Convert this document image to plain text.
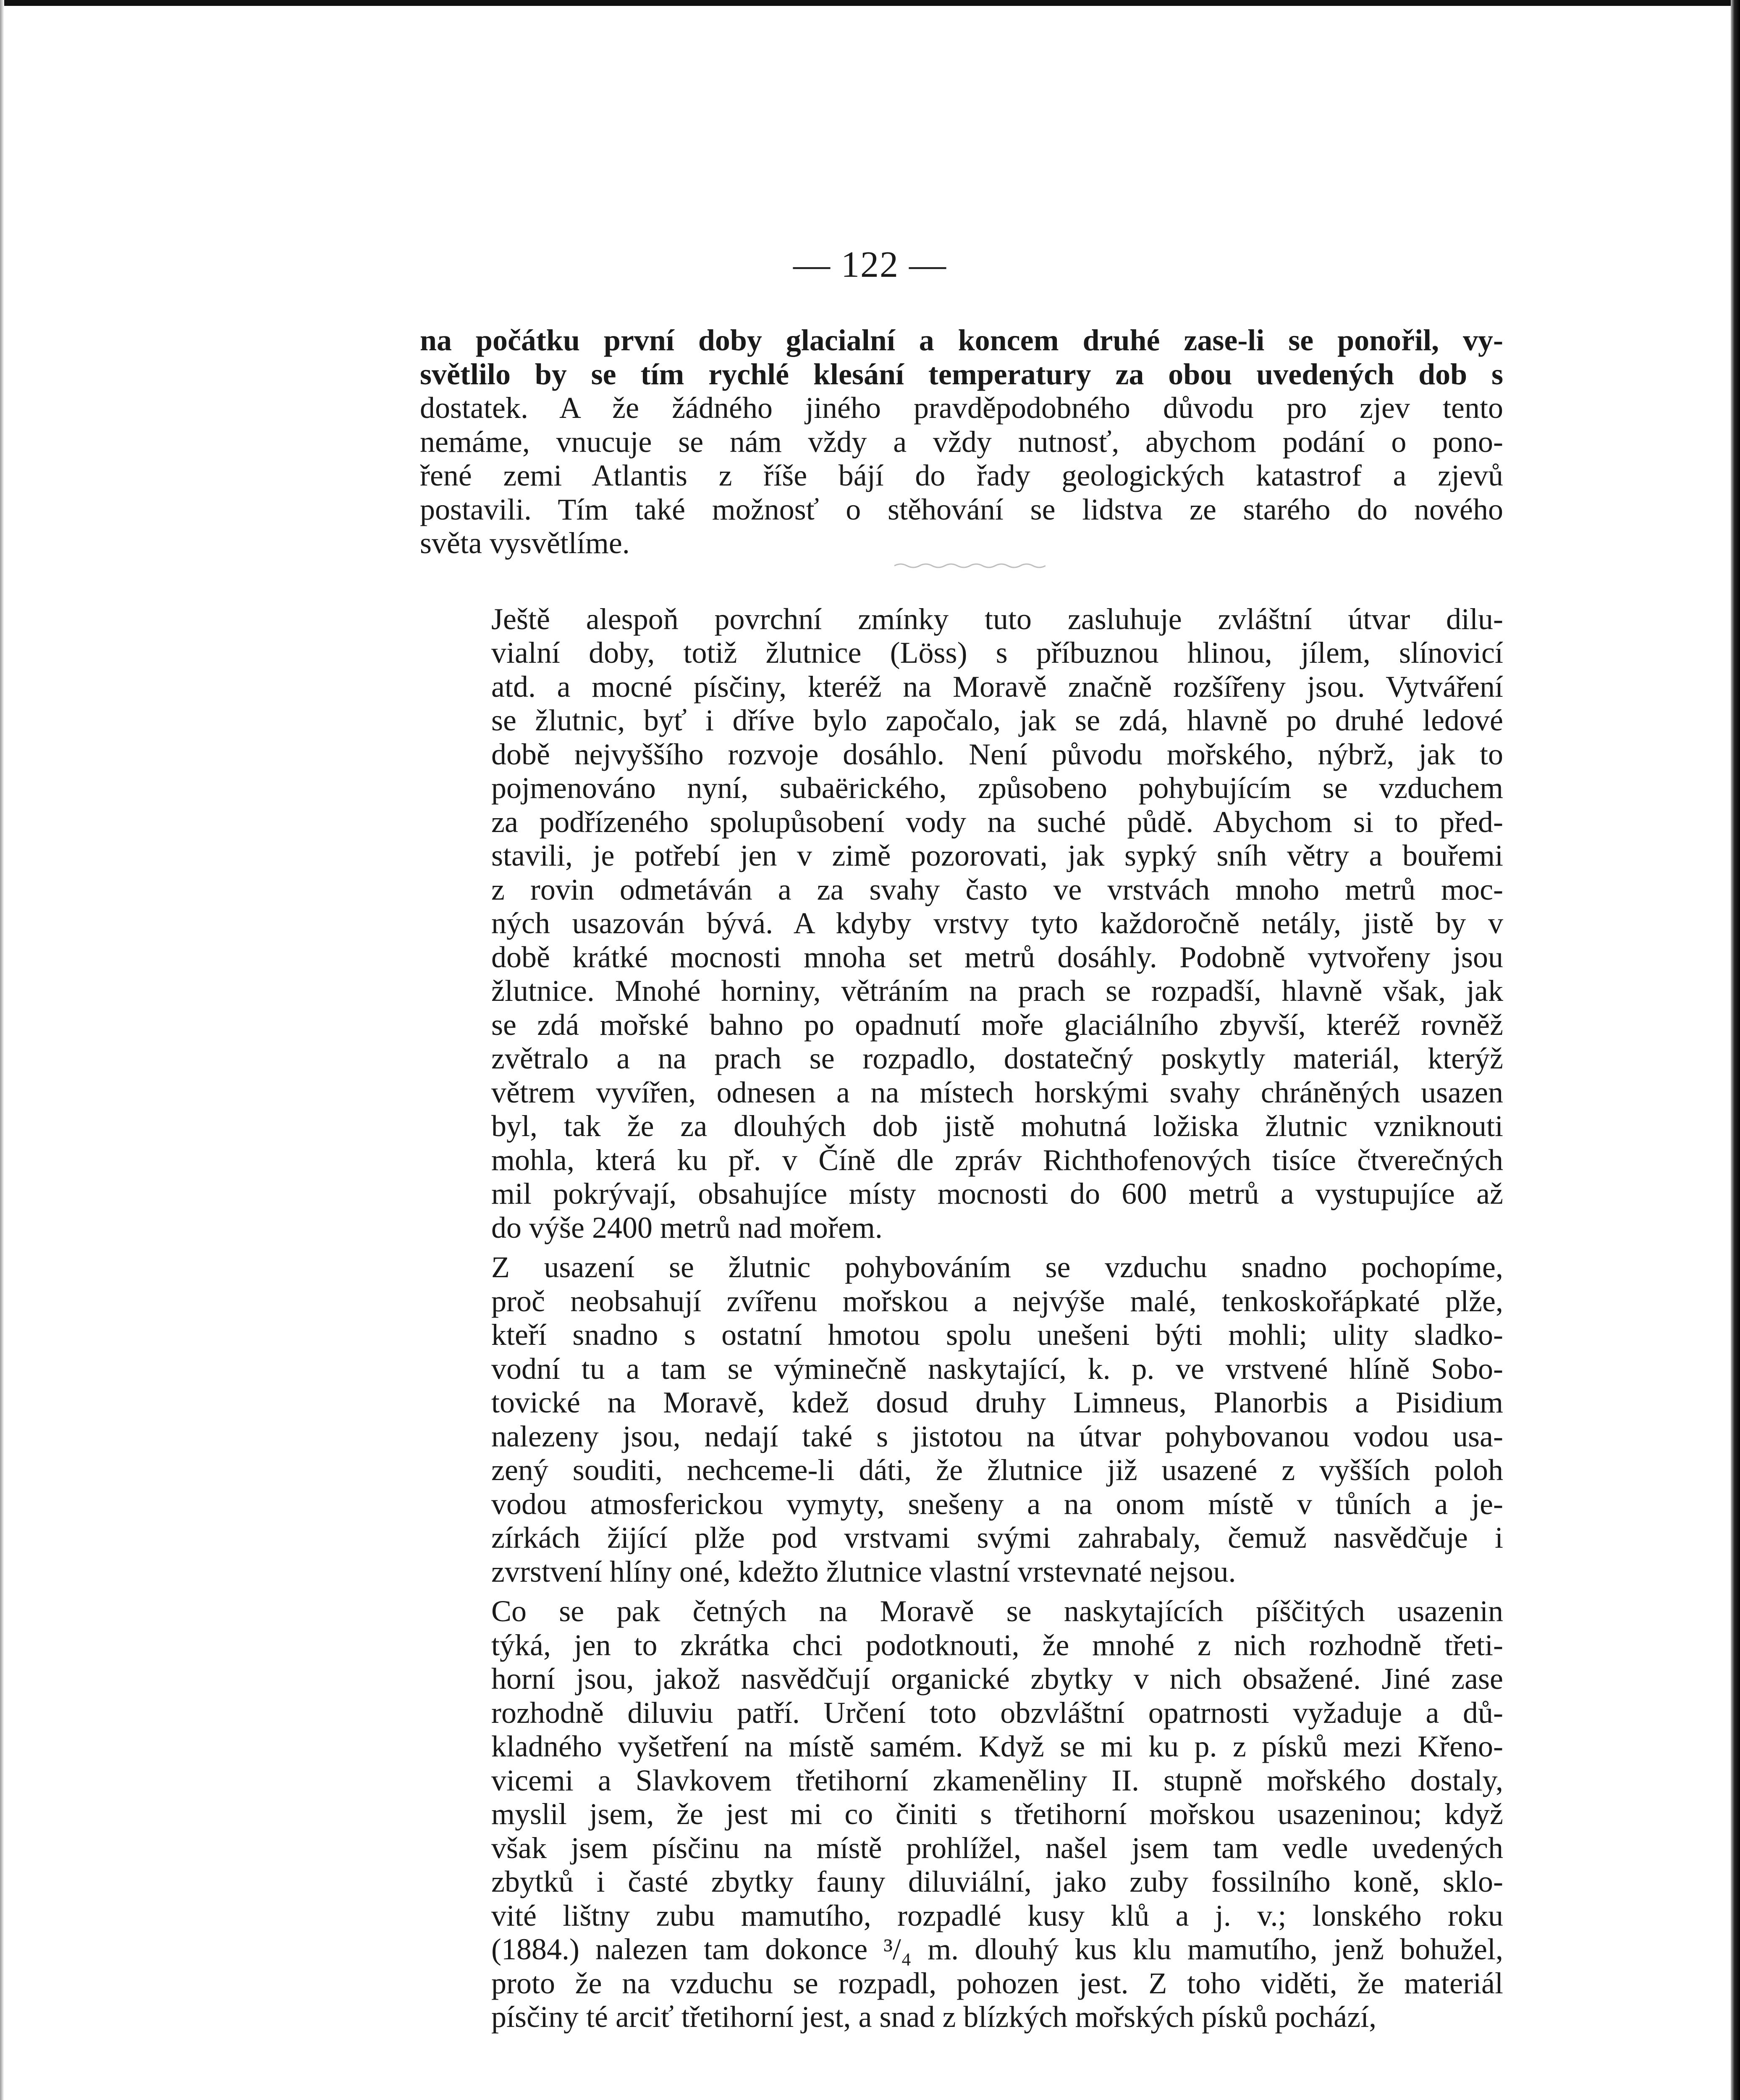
— 122 —
na počátku první doby glacialní a koncem druhé zase-li se ponořil, vy-
světlilo by se tím rychlé klesání temperatury za obou uvedených dob s
dostatek. A že žádného jiného pravděpodobného důvodu pro zjev tento
nemáme, vnucuje se nám vždy a vždy nutnosť, abychom podání o pono-
řené zemi Atlantis z říše bájí do řady geologických katastrof a zjevů
postavili. Tím také možnosť o stěhování se lidstva ze starého do nového
světa vysvětlíme.
Ještě alespoň povrchní zmínky tuto zasluhuje zvláštní útvar dilu-
vialní doby, totiž žlutnice (Löss) s příbuznou hlinou, jílem, slínovicí
atd. a mocné písčiny, kteréž na Moravě značně rozšířeny jsou. Vytváření
se žlutnic, byť i dříve bylo započalo, jak se zdá, hlavně po druhé ledové
době nejvyššího rozvoje dosáhlo. Není původu mořského, nýbrž, jak to
pojmenováno nyní, subaërického, způsobeno pohybujícím se vzduchem
za podřízeného spolupůsobení vody na suché půdě. Abychom si to před-
stavili, je potřebí jen v zimě pozorovati, jak sypký sníh větry a bouřemi
z rovin odmetáván a za svahy často ve vrstvách mnoho metrů moc-
ných usazován bývá. A kdyby vrstvy tyto každoročně netály, jistě by v
době krátké mocnosti mnoha set metrů dosáhly. Podobně vytvořeny jsou
žlutnice. Mnohé horniny, větráním na prach se rozpadší, hlavně však, jak
se zdá mořské bahno po opadnutí moře glaciálního zbyvší, kteréž rovněž
zvětralo a na prach se rozpadlo, dostatečný poskytly materiál, kterýž
větrem vyvířen, odnesen a na místech horskými svahy chráněných usazen
byl, tak že za dlouhých dob jistě mohutná ložiska žlutnic vzniknouti
mohla, která ku př. v Číně dle zpráv Richthofenových tisíce čtverečných
mil pokrývají, obsahujíce místy mocnosti do 600 metrů a vystupujíce až
do výše 2400 metrů nad mořem.
Z usazení se žlutnic pohybováním se vzduchu snadno pochopíme,
proč neobsahují zvířenu mořskou a nejvýše malé, tenkoskořápkaté plže,
kteří snadno s ostatní hmotou spolu unešeni býti mohli; ulity sladko-
vodní tu a tam se výminečně naskytající, k. p. ve vrstvené hlíně Sobo-
tovické na Moravě, kdež dosud druhy Limneus, Planorbis a Pisidium
nalezeny jsou, nedají také s jistotou na útvar pohybovanou vodou usa-
zený souditi, nechceme-li dáti, že žlutnice již usazené z vyšších poloh
vodou atmosferickou vymyty, snešeny a na onom místě v tůních a je-
zírkách žijící plže pod vrstvami svými zahrabaly, čemuž nasvědčuje i
zvrstvení hlíny oné, kdežto žlutnice vlastní vrstevnaté nejsou.
Co se pak četných na Moravě se naskytajících píščitých usazenin
týká, jen to zkrátka chci podotknouti, že mnohé z nich rozhodně třeti-
horní jsou, jakož nasvědčují organické zbytky v nich obsažené. Jiné zase
rozhodně diluviu patří. Určení toto obzvláštní opatrnosti vyžaduje a dů-
kladného vyšetření na místě samém. Když se mi ku p. z písků mezi Křeno-
vicemi a Slavkovem třetihorní zkameněliny II. stupně mořského dostaly,
myslil jsem, že jest mi co činiti s třetihorní mořskou usazeninou; když
však jsem písčinu na místě prohlížel, našel jsem tam vedle uvedených
zbytků i časté zbytky fauny diluviální, jako zuby fossilního koně, sklo-
vité lištny zubu mamutího, rozpadlé kusy klů a j. v.; lonského roku
(1884.) nalezen tam dokonce ³/₄ m. dlouhý kus klu mamutího, jenž bohužel,
proto že na vzduchu se rozpadl, pohozen jest. Z toho viděti, že materiál
písčiny té arciť třetihorní jest, a snad z blízkých mořských písků pochází,
